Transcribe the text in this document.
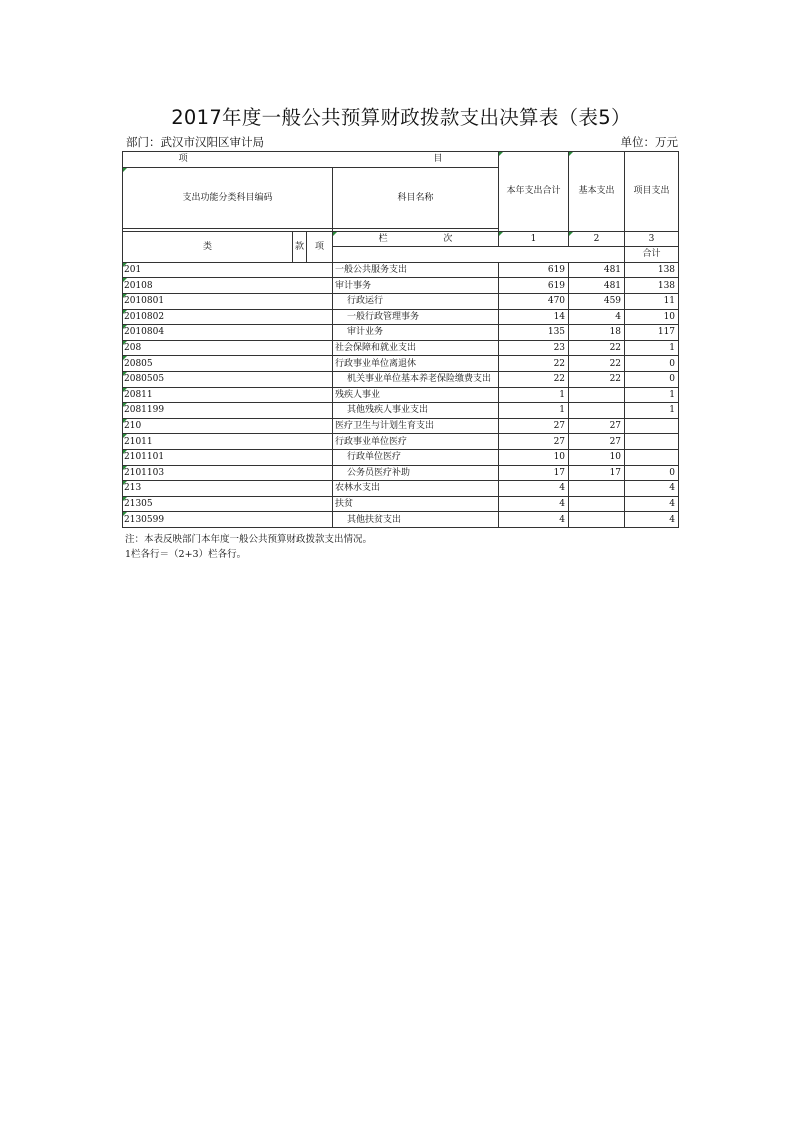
2017年度一般公共预算财政拨款支出决算表（表5）
部门：武汉市汉阳区审计局	单位：万元
项 目				本年支出合计	基本支出	项目支出	
支出功能分类科目编码			科目名称				

类	款	项	栏 次	1	2	3	
						合计			
201			一般公共服务支出	619	481	138	
20108			审计事务	619	481	138	
2010801			行政运行	470	459	11	
2010802			一般行政管理事务	14	4	10	
2010804			审计业务	135	18	117	
208			社会保障和就业支出	23	22	1	
20805			行政事业单位离退休	22	22	0	
2080505			机关事业单位基本养老保险缴费支出	22	22	0	
20811			残疾人事业	1		1	
2081199			其他残疾人事业支出	1		1	
210			医疗卫生与计划生育支出	27	27		
21011			行政事业单位医疗	27	27		
2101101			行政单位医疗	10	10		
2101103			公务员医疗补助	17	17	0	
213			农林水支出	4		4	
21305			扶贫	4		4	
2130599			其他扶贫支出	4		4	
注：本表反映部门本年度一般公共预算财政拨款支出情况。
1栏各行＝（2+3）栏各行。
